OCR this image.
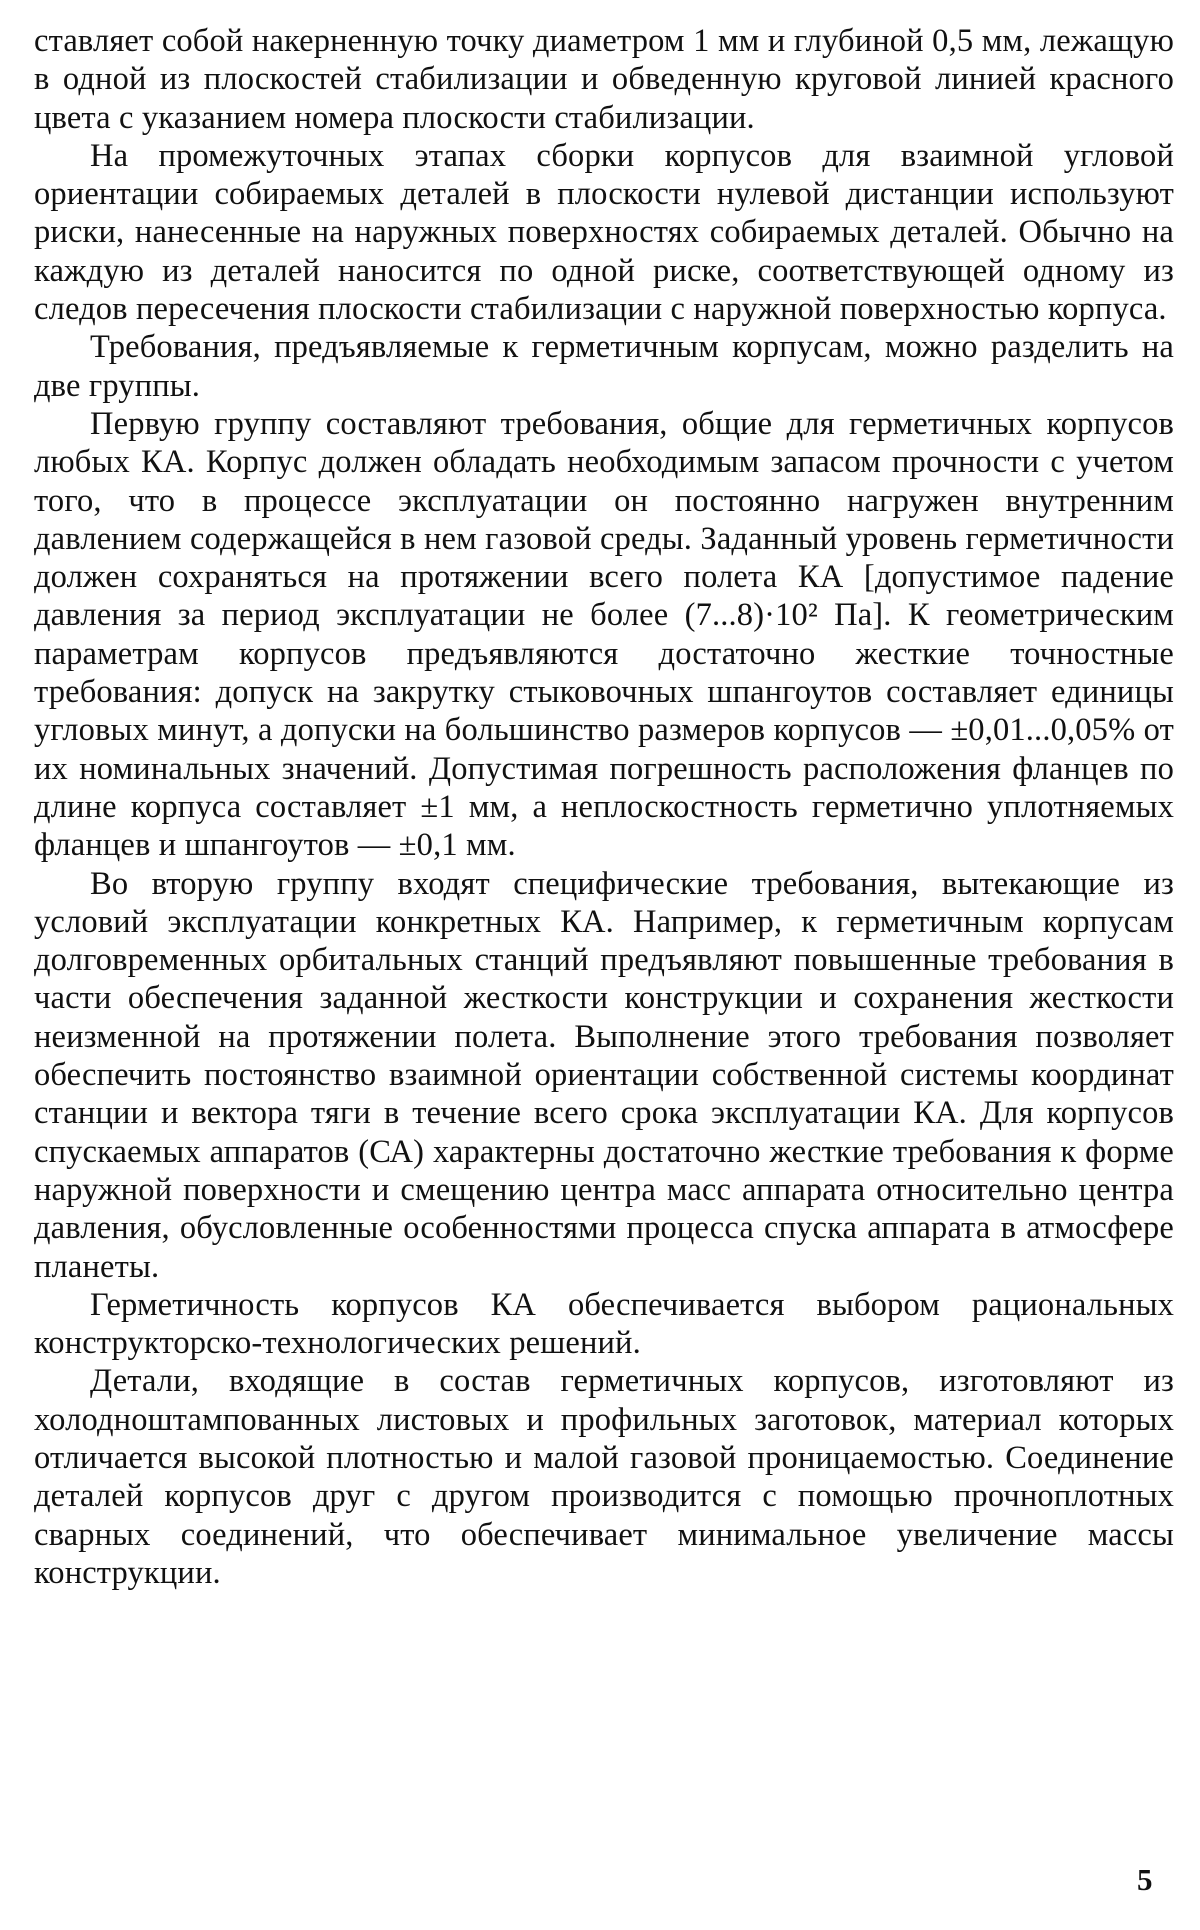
ставляет собой накерненную точку диаметром 1 мм и глубиной 0,5 мм, лежащую в одной из плоскостей стабилизации и обведенную круговой линией красного цвета с указанием номера плоскости стабилизации.

На промежуточных этапах сборки корпусов для взаимной угловой ориентации собираемых деталей в плоскости нулевой дистанции используют риски, нанесенные на наружных поверхностях собираемых деталей. Обычно на каждую из деталей наносится по одной риске, соответствующей одному из следов пересечения плоскости стабилизации с наружной поверхностью корпуса.

Требования, предъявляемые к герметичным корпусам, можно разделить на две группы.

Первую группу составляют требования, общие для герметичных корпусов любых КА. Корпус должен обладать необходимым запасом прочности с учетом того, что в процессе эксплуатации он постоянно нагружен внутренним давлением содержащейся в нем газовой среды. Заданный уровень герметичности должен сохраняться на протяжении всего полета КА [допустимое падение давления за период эксплуатации не более (7...8)·10² Па]. К геометрическим параметрам корпусов предъявляются достаточно жесткие точностные требования: допуск на закрутку стыковочных шпангоутов составляет единицы угловых минут, а допуски на большинство размеров корпусов — ±0,01...0,05% от их номинальных значений. Допустимая погрешность расположения фланцев по длине корпуса составляет ±1 мм, а неплоскостность герметично уплотняемых фланцев и шпангоутов — ±0,1 мм.

Во вторую группу входят специфические требования, вытекающие из условий эксплуатации конкретных КА. Например, к герметичным корпусам долговременных орбитальных станций предъявляют повышенные требования в части обеспечения заданной жесткости конструкции и сохранения жесткости неизменной на протяжении полета. Выполнение этого требования позволяет обеспечить постоянство взаимной ориентации собственной системы координат станции и вектора тяги в течение всего срока эксплуатации КА. Для корпусов спускаемых аппаратов (СА) характерны достаточно жесткие требования к форме наружной поверхности и смещению центра масс аппарата относительно центра давления, обусловленные особенностями процесса спуска аппарата в атмосфере планеты.

Герметичность корпусов КА обеспечивается выбором рациональных конструкторско-технологических решений.

Детали, входящие в состав герметичных корпусов, изготовляют из холодноштампованных листовых и профильных заготовок, материал которых отличается высокой плотностью и малой газовой проницаемостью. Соединение деталей корпусов друг с другом производится с помощью прочноплотных сварных соединений, что обеспечивает минимальное увеличение массы конструкции.

5
